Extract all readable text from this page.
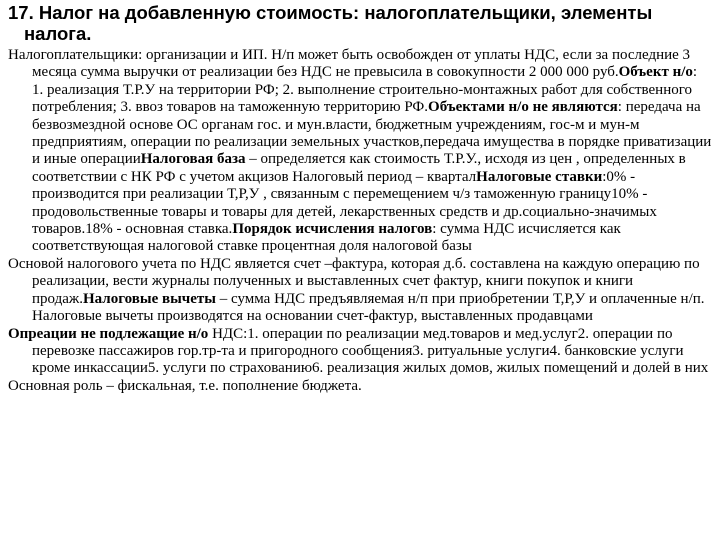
17. Налог на добавленную стоимость: налогоплательщики, элементы налога.

Налогоплательщики: организации и ИП. Н/п может быть освобожден от уплаты НДС, если за последние 3 месяца сумма выручки от реализации без НДС не превысила в совокупности 2 000 000 руб.Объект н/о: 1. реализация Т.Р.У на территории РФ; 2. выполнение строительно-монтажных работ для собственного потребления; 3. ввоз товаров на таможенную территорию РФ.Объектами н/о не являются: передача на безвозмездной основе ОС органам гос. и мун.власти, бюджетным учреждениям, гос-м и мун-м предприятиям, операции по реализации земельных участков,передача имущества в порядке приватизации и иные операцииНалоговая база – определяется как стоимость Т.Р.У., исходя из цен , определенных в соответствии с НК РФ с учетом акцизов Налоговый период – кварталНалоговые ставки:0% - производится при реализации Т,Р,У , связанным с перемещением ч/з таможенную границу10% - продовольственные товары и товары для детей, лекарственных средств и др.социально-значимых товаров.18% - основная ставка.Порядок исчисления налогов: сумма НДС исчисляется как соответствующая налоговой ставке процентная доля налоговой базы

Основой налогового учета по НДС является счет –фактура, которая д.б. составлена на каждую операцию по реализации, вести журналы полученных и выставленных счет фактур, книги покупок и книги продаж.Налоговые вычеты – сумма НДС предъявляемая н/п при приобретении Т,Р,У и оплаченные н/п. Налоговые вычеты производятся на основании счет-фактур, выставленных продавцами

Опреации не подлежащие н/о НДС:1. операции по реализации мед.товаров и мед.услуг2. операции по перевозке пассажиров гор.тр-та и пригородного сообщения3. ритуальные услуги4. банковские услуги кроме инкассации5. услуги по страхованию6. реализация жилых домов, жилых помещений и долей в них

Основная роль – фискальная, т.е. пополнение бюджета.
